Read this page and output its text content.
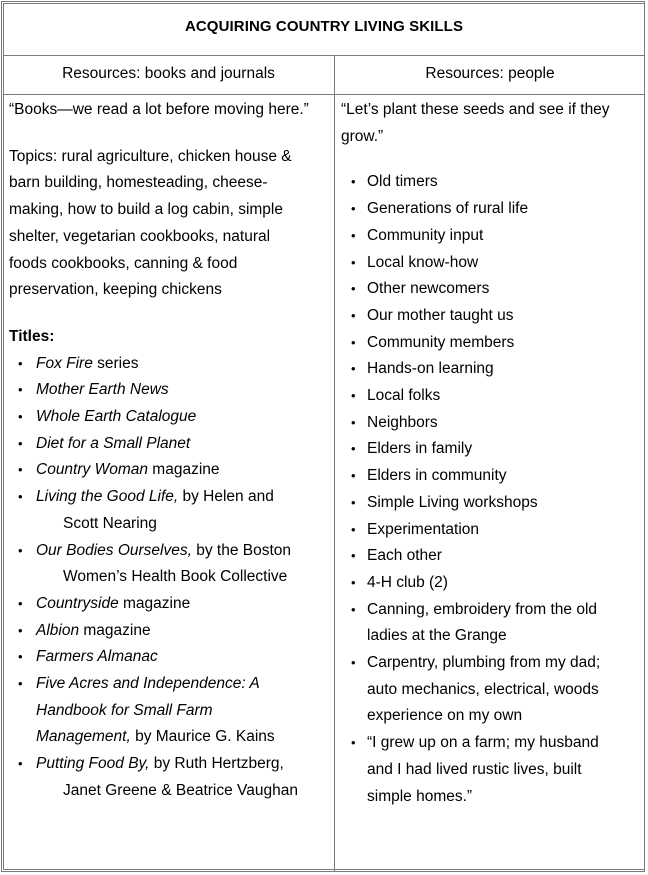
ACQUIRING COUNTRY LIVING SKILLS
Resources: books and journals	Resources: people

“Books—we read a lot before moving here.”

Topics: rural agriculture, chicken house &

barn building, homesteading, cheese-

making, how to build a log cabin, simple

shelter, vegetarian cookbooks, natural

foods cookbooks, canning & food

preservation, keeping chickens

Titles:

• Fox Fire series
• Mother Earth News
• Whole Earth Catalogue
• Diet for a Small Planet
• Country Woman magazine
• Living the Good Life, by Helen and
Scott Nearing
• Our Bodies Ourselves, by the Boston
Women’s Health Book Collective
• Countryside magazine
• Albion magazine
• Farmers Almanac
• Five Acres and Independence: A
Handbook for Small Farm
Management, by Maurice G. Kains
• Putting Food By, by Ruth Hertzberg,
Janet Greene & Beatrice Vaughan

“Let’s plant these seeds and see if they

grow.”

• Old timers
• Generations of rural life
• Community input
• Local know-how
• Other newcomers
• Our mother taught us
• Community members
• Hands-on learning
• Local folks
• Neighbors
• Elders in family
• Elders in community
• Simple Living workshops
• Experimentation
• Each other
• 4-H club (2)
• Canning, embroidery from the old
ladies at the Grange
• Carpentry, plumbing from my dad;
auto mechanics, electrical, woods
experience on my own
• “I grew up on a farm; my husband
and I had lived rustic lives, built
simple homes.”
